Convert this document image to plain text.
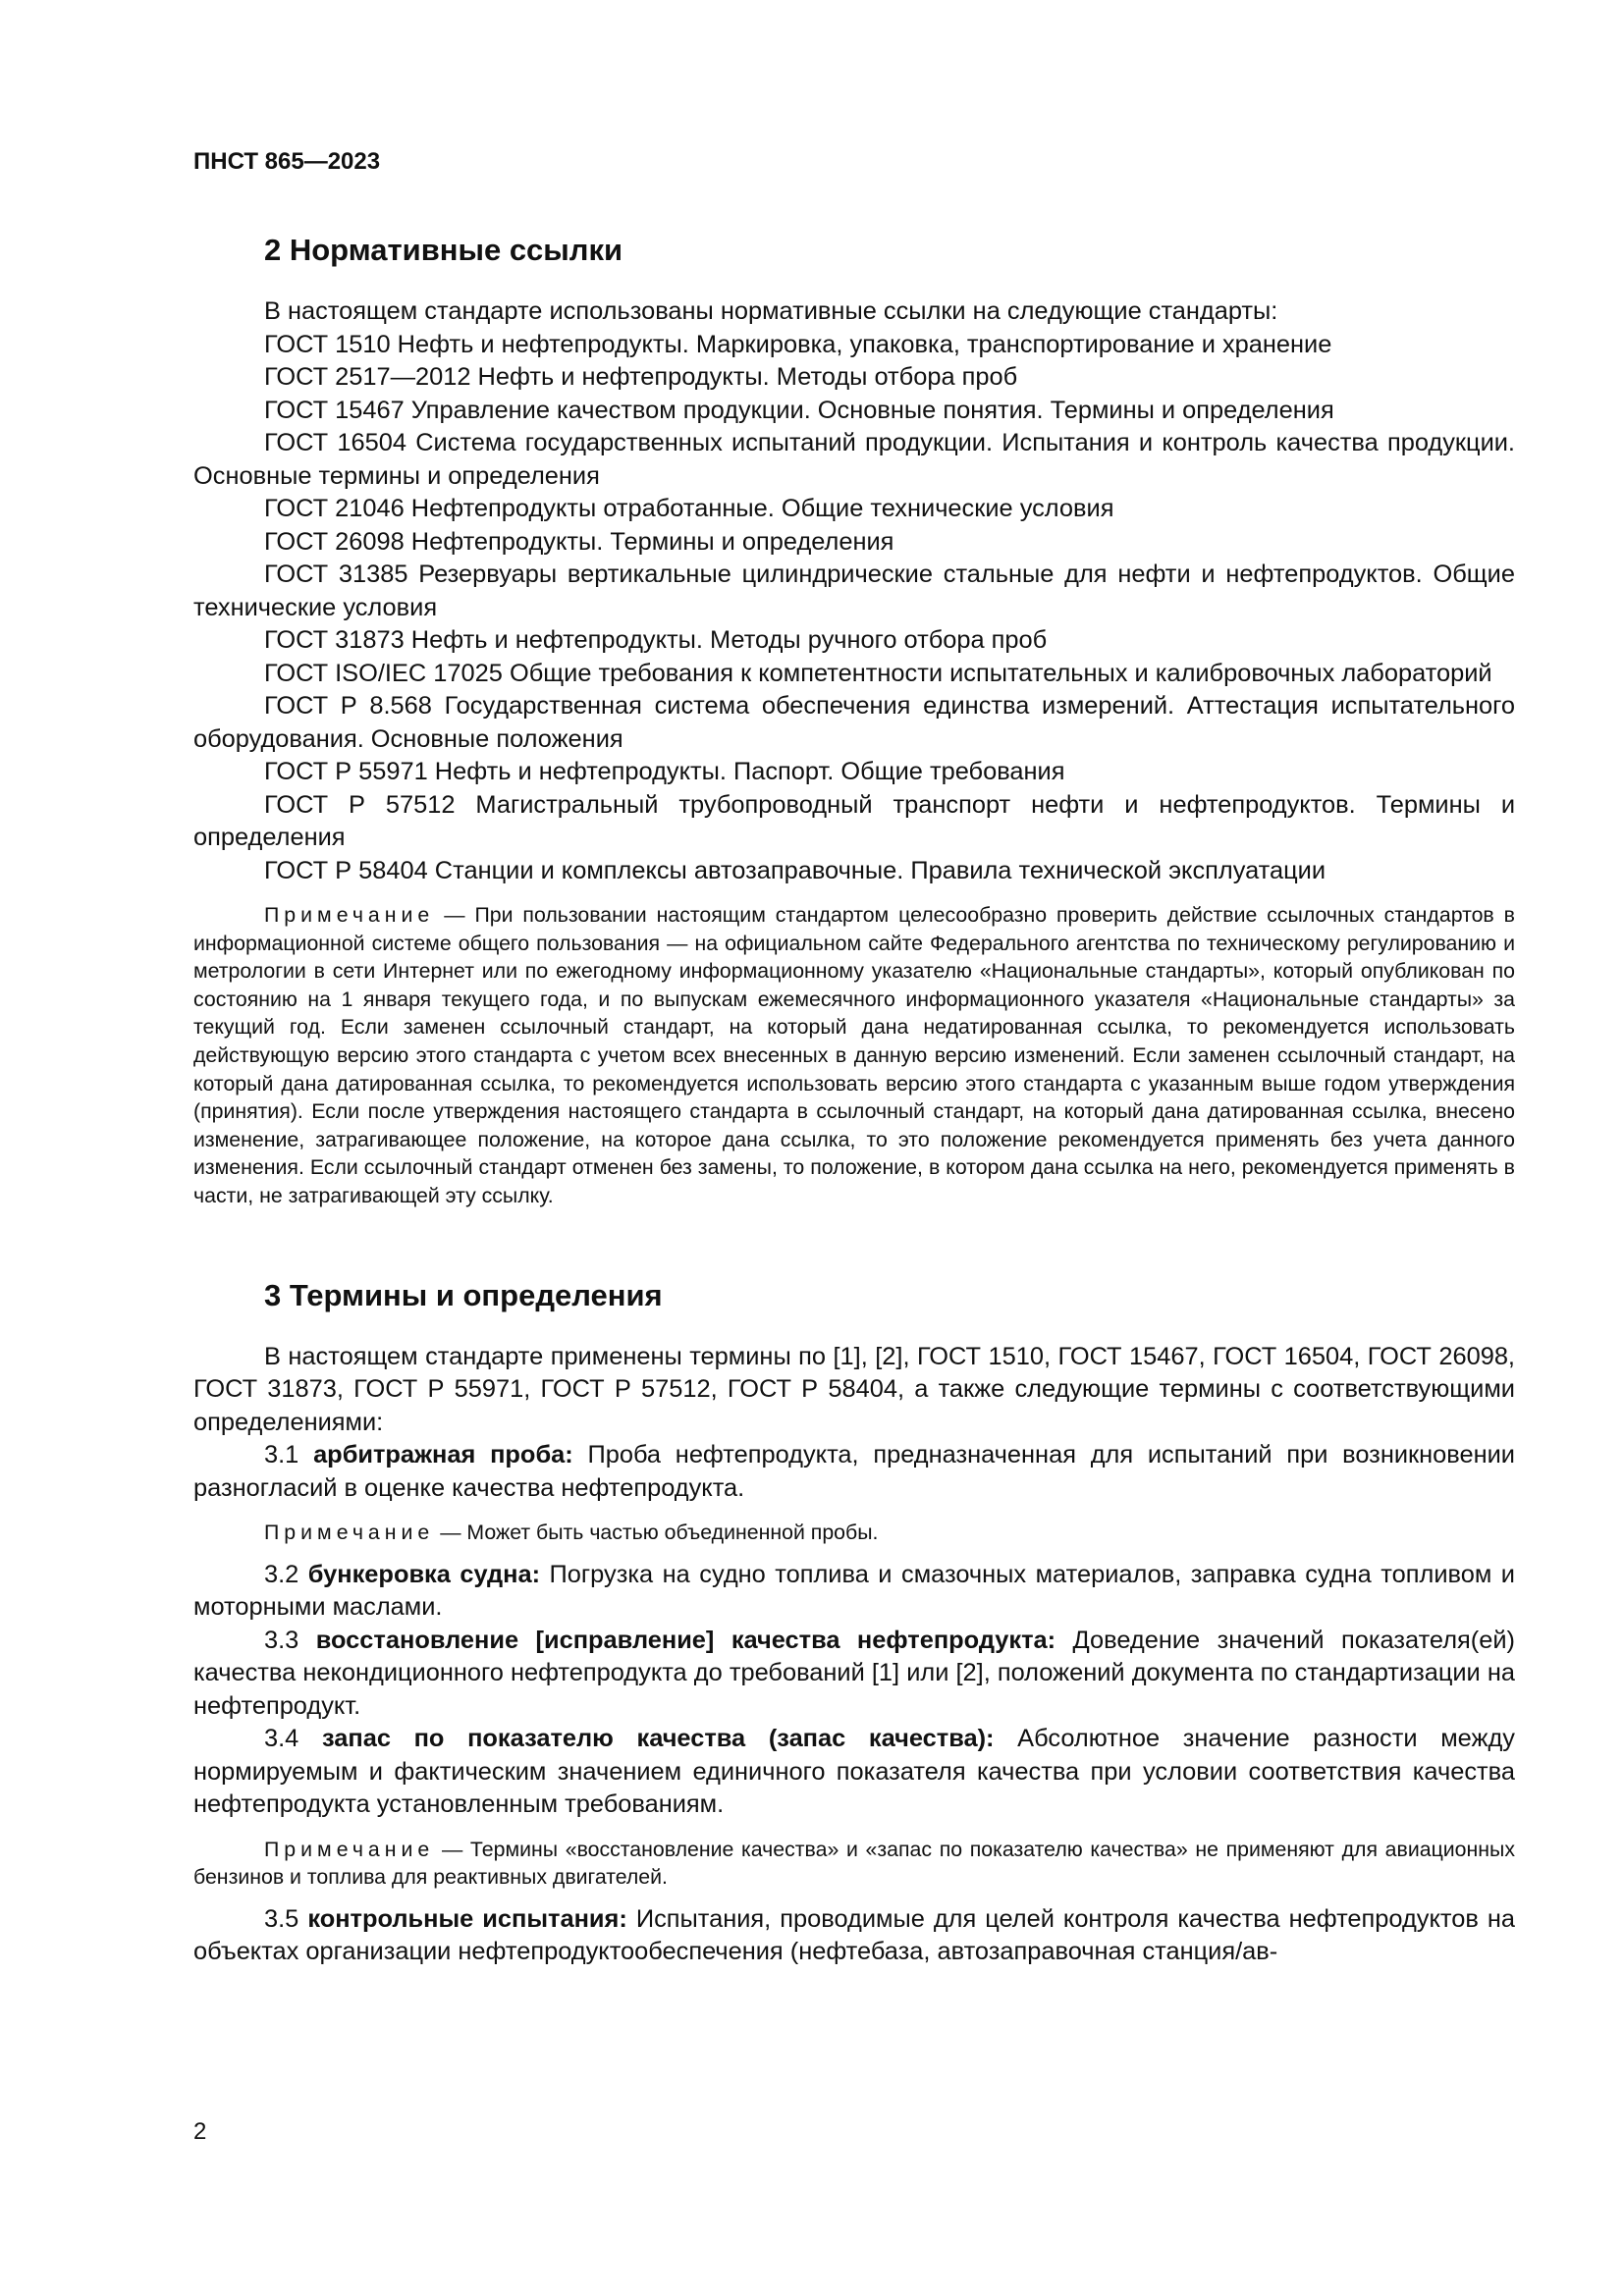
ПНСТ 865—2023
2 Нормативные ссылки

В настоящем стандарте использованы нормативные ссылки на следующие стандарты:

ГОСТ 1510 Нефть и нефтепродукты. Маркировка, упаковка, транспортирование и хранение

ГОСТ 2517—2012 Нефть и нефтепродукты. Методы отбора проб

ГОСТ 15467 Управление качеством продукции. Основные понятия. Термины и определения

ГОСТ 16504 Система государственных испытаний продукции. Испытания и контроль качества продукции. Основные термины и определения

ГОСТ 21046 Нефтепродукты отработанные. Общие технические условия

ГОСТ 26098 Нефтепродукты. Термины и определения

ГОСТ 31385 Резервуары вертикальные цилиндрические стальные для нефти и нефтепродуктов. Общие технические условия

ГОСТ 31873 Нефть и нефтепродукты. Методы ручного отбора проб

ГОСТ ISO/IEC 17025 Общие требования к компетентности испытательных и калибровочных лабораторий

ГОСТ Р 8.568 Государственная система обеспечения единства измерений. Аттестация испытательного оборудования. Основные положения

ГОСТ Р 55971 Нефть и нефтепродукты. Паспорт. Общие требования

ГОСТ Р 57512 Магистральный трубопроводный транспорт нефти и нефтепродуктов. Термины и определения

ГОСТ Р 58404 Станции и комплексы автозаправочные. Правила технической эксплуатации

Примечание — При пользовании настоящим стандартом целесообразно проверить действие ссылочных стандартов в информационной системе общего пользования — на официальном сайте Федерального агентства по техническому регулированию и метрологии в сети Интернет или по ежегодному информационному указателю «Национальные стандарты», который опубликован по состоянию на 1 января текущего года, и по выпускам ежемесячного информационного указателя «Национальные стандарты» за текущий год. Если заменен ссылочный стандарт, на который дана недатированная ссылка, то рекомендуется использовать действующую версию этого стандарта с учетом всех внесенных в данную версию изменений. Если заменен ссылочный стандарт, на который дана датированная ссылка, то рекомендуется использовать версию этого стандарта с указанным выше годом утверждения (принятия). Если после утверждения настоящего стандарта в ссылочный стандарт, на который дана датированная ссылка, внесено изменение, затрагивающее положение, на которое дана ссылка, то это положение рекомендуется применять без учета данного изменения. Если ссылочный стандарт отменен без замены, то положение, в котором дана ссылка на него, рекомендуется применять в части, не затрагивающей эту ссылку.

3 Термины и определения

В настоящем стандарте применены термины по [1], [2], ГОСТ 1510, ГОСТ 15467, ГОСТ 16504, ГОСТ 26098, ГОСТ 31873, ГОСТ Р 55971, ГОСТ Р 57512, ГОСТ Р 58404, а также следующие термины с соответствующими определениями:

3.1 арбитражная проба: Проба нефтепродукта, предназначенная для испытаний при возникновении разногласий в оценке качества нефтепродукта.

Примечание — Может быть частью объединенной пробы.

3.2 бункеровка судна: Погрузка на судно топлива и смазочных материалов, заправка судна топливом и моторными маслами.

3.3 восстановление [исправление] качества нефтепродукта: Доведение значений показателя(ей) качества некондиционного нефтепродукта до требований [1] или [2], положений документа по стандартизации на нефтепродукт.

3.4 запас по показателю качества (запас качества): Абсолютное значение разности между нормируемым и фактическим значением единичного показателя качества при условии соответствия качества нефтепродукта установленным требованиям.

Примечание — Термины «восстановление качества» и «запас по показателю качества» не применяют для авиационных бензинов и топлива для реактивных двигателей.

3.5 контрольные испытания: Испытания, проводимые для целей контроля качества нефтепродуктов на объектах организации нефтепродуктообеспечения (нефтебаза, автозаправочная станция/ав-

2
